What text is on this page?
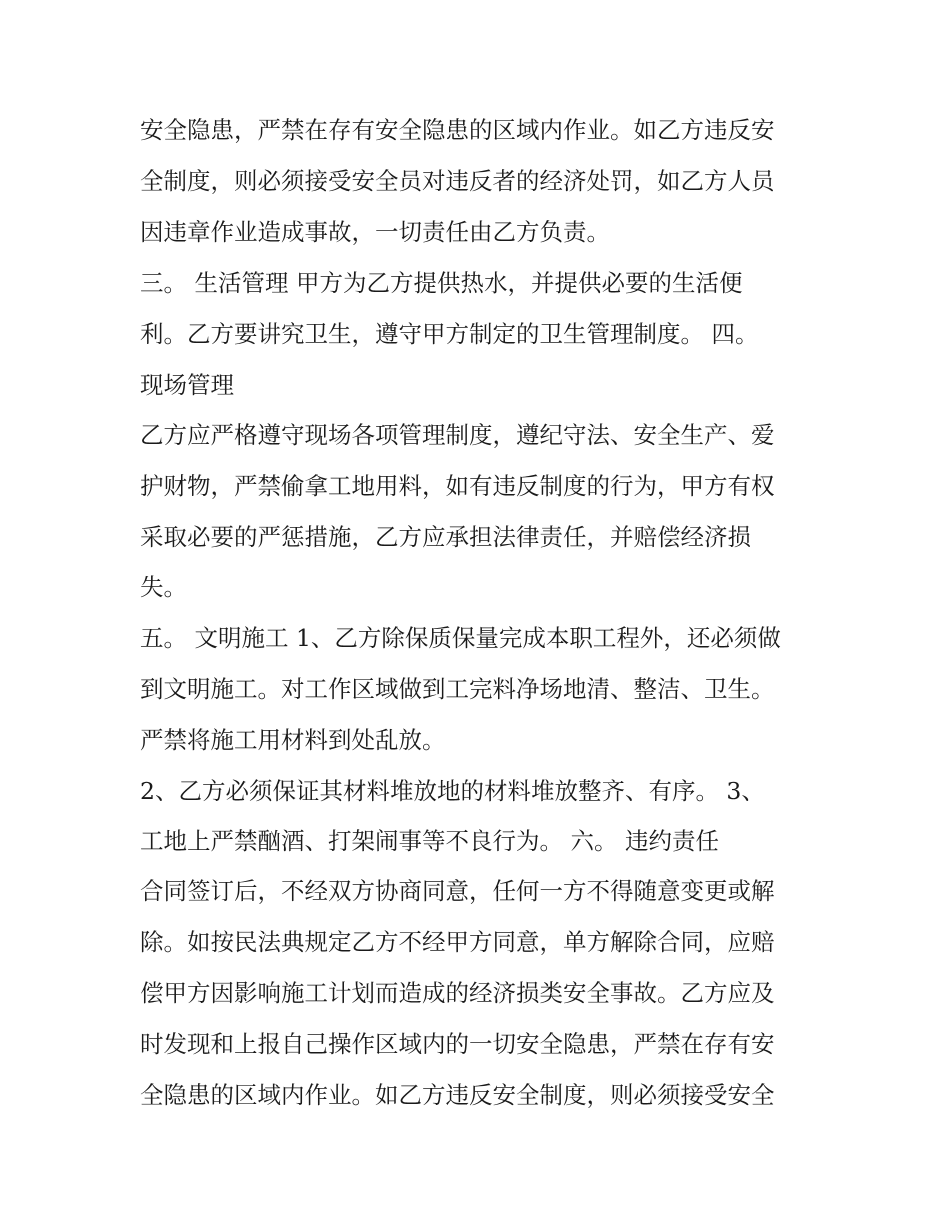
安全隐患，严禁在存有安全隐患的区域内作业。如乙方违反安
全制度，则必须接受安全员对违反者的经济处罚，如乙方人员
因违章作业造成事故，一切责任由乙方负责。
三。 生活管理 甲方为乙方提供热水，并提供必要的生活便
利。乙方要讲究卫生，遵守甲方制定的卫生管理制度。 四。
现场管理
乙方应严格遵守现场各项管理制度，遵纪守法、安全生产、爱
护财物，严禁偷拿工地用料，如有违反制度的行为，甲方有权
采取必要的严惩措施，乙方应承担法律责任，并赔偿经济损
失。
五。 文明施工 1、乙方除保质保量完成本职工程外，还必须做
到文明施工。对工作区域做到工完料净场地清、整洁、卫生。
严禁将施工用材料到处乱放。
2、乙方必须保证其材料堆放地的材料堆放整齐、有序。 3、
工地上严禁酗酒、打架闹事等不良行为。 六。 违约责任
合同签订后，不经双方协商同意，任何一方不得随意变更或解
除。如按民法典规定乙方不经甲方同意，单方解除合同，应赔
偿甲方因影响施工计划而造成的经济损类安全事故。乙方应及
时发现和上报自己操作区域内的一切安全隐患，严禁在存有安
全隐患的区域内作业。如乙方违反安全制度，则必须接受安全
